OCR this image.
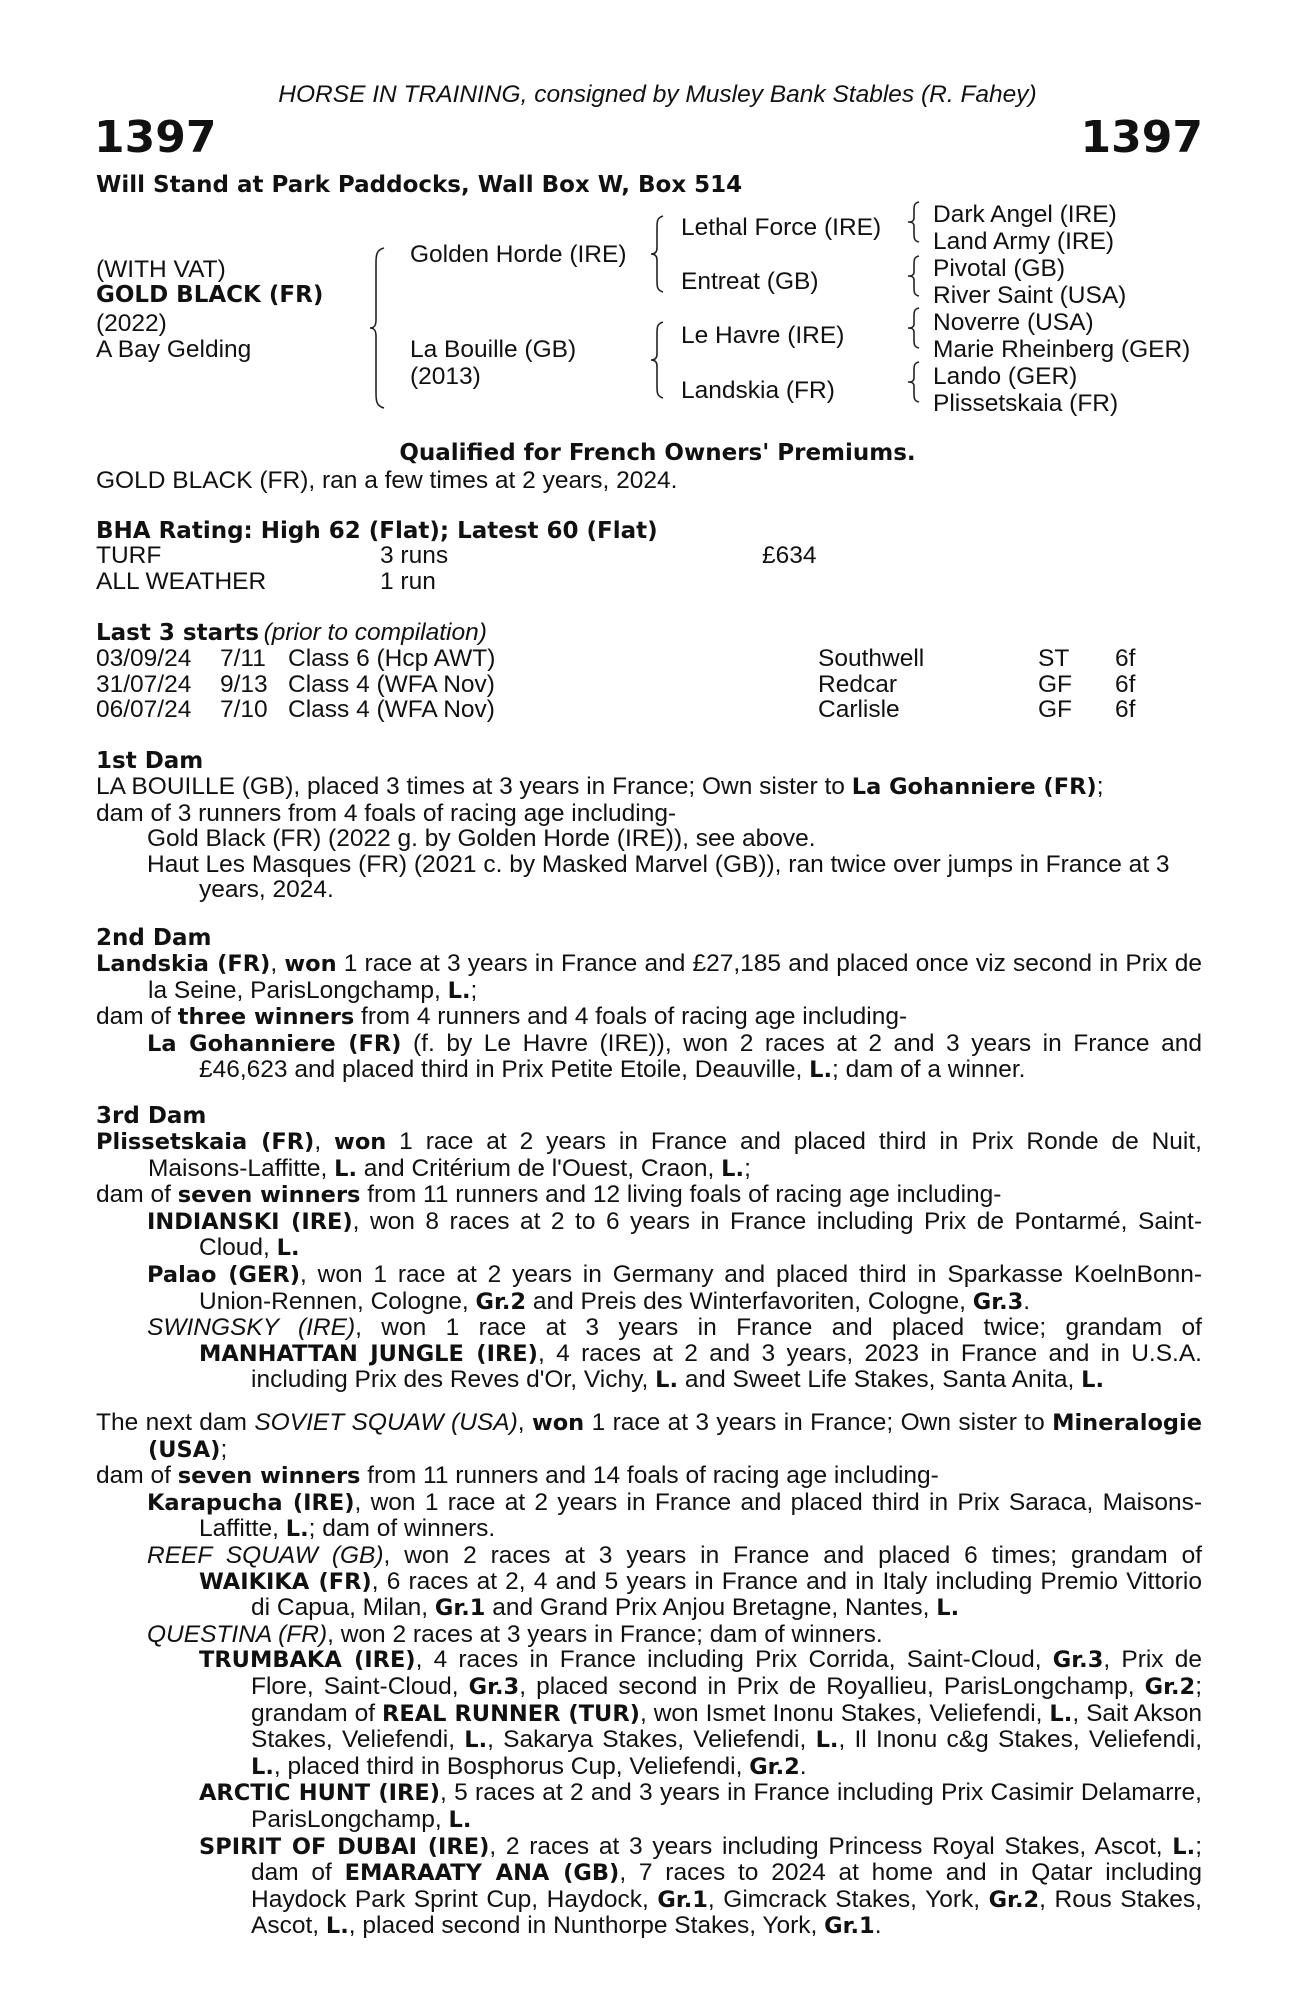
HORSE IN TRAINING, consigned by Musley Bank Stables (R. Fahey)
1397	1397
Will Stand at Park Paddocks, Wall Box W, Box 514
(WITH VAT)
GOLD BLACK (FR)
(2022)
A Bay Gelding
Golden Horde (IRE)
La Bouille (GB)
(2013)
Lethal Force (IRE)
Entreat (GB)
Le Havre (IRE)
Landskia (FR)
Dark Angel (IRE)
Land Army (IRE)
Pivotal (GB)
River Saint (USA)
Noverre (USA)
Marie Rheinberg (GER)
Lando (GER)
Plissetskaia (FR)
Qualified for French Owners' Premiums.
GOLD BLACK (FR), ran a few times at 2 years, 2024.
BHA Rating: High 62 (Flat); Latest 60 (Flat)
TURF	3 runs	£634
ALL WEATHER	1 run
Last 3 starts (prior to compilation)
03/09/24 7/11 Class 6 (Hcp AWT)	Southwell	ST 6f
31/07/24 9/13 Class 4 (WFA Nov)	Redcar	GF 6f
06/07/24 7/10 Class 4 (WFA Nov)	Carlisle	GF 6f

1st Dam

LA BOUILLE (GB), placed 3 times at 3 years in France; Own sister to La Gohanniere (FR);

dam of 3 runners from 4 foals of racing age including-

Gold Black (FR) (2022 g. by Golden Horde (IRE)), see above.

Haut Les Masques (FR) (2021 c. by Masked Marvel (GB)), ran twice over jumps in France at 3 years, 2024.

2nd Dam

Landskia (FR), won 1 race at 3 years in France and £27,185 and placed once viz second in Prix de la Seine, ParisLongchamp, L.;

dam of three winners from 4 runners and 4 foals of racing age including-

La Gohanniere (FR) (f. by Le Havre (IRE)), won 2 races at 2 and 3 years in France and £46,623 and placed third in Prix Petite Etoile, Deauville, L.; dam of a winner.

3rd Dam

Plissetskaia (FR), won 1 race at 2 years in France and placed third in Prix Ronde de Nuit, Maisons-Laffitte, L. and Critérium de l'Ouest, Craon, L.;

dam of seven winners from 11 runners and 12 living foals of racing age including-

INDIANSKI (IRE), won 8 races at 2 to 6 years in France including Prix de Pontarmé, Saint-Cloud, L.

Palao (GER), won 1 race at 2 years in Germany and placed third in Sparkasse KoelnBonn-Union-Rennen, Cologne, Gr.2 and Preis des Winterfavoriten, Cologne, Gr.3.

SWINGSKY (IRE), won 1 race at 3 years in France and placed twice; grandam of

MANHATTAN JUNGLE (IRE), 4 races at 2 and 3 years, 2023 in France and in U.S.A. including Prix des Reves d'Or, Vichy, L. and Sweet Life Stakes, Santa Anita, L.

The next dam SOVIET SQUAW (USA), won 1 race at 3 years in France; Own sister to Mineralogie (USA);

dam of seven winners from 11 runners and 14 foals of racing age including-

Karapucha (IRE), won 1 race at 2 years in France and placed third in Prix Saraca, Maisons-Laffitte, L.; dam of winners.

REEF SQUAW (GB), won 2 races at 3 years in France and placed 6 times; grandam of

WAIKIKA (FR), 6 races at 2, 4 and 5 years in France and in Italy including Premio Vittorio di Capua, Milan, Gr.1 and Grand Prix Anjou Bretagne, Nantes, L.

QUESTINA (FR), won 2 races at 3 years in France; dam of winners.

TRUMBAKA (IRE), 4 races in France including Prix Corrida, Saint-Cloud, Gr.3, Prix de Flore, Saint-Cloud, Gr.3, placed second in Prix de Royallieu, ParisLongchamp, Gr.2; grandam of REAL RUNNER (TUR), won Ismet Inonu Stakes, Veliefendi, L., Sait Akson Stakes, Veliefendi, L., Sakarya Stakes, Veliefendi, L., Il Inonu c&g Stakes, Veliefendi, L., placed third in Bosphorus Cup, Veliefendi, Gr.2.

ARCTIC HUNT (IRE), 5 races at 2 and 3 years in France including Prix Casimir Delamarre, ParisLongchamp, L.

SPIRIT OF DUBAI (IRE), 2 races at 3 years including Princess Royal Stakes, Ascot, L.; dam of EMARAATY ANA (GB), 7 races to 2024 at home and in Qatar including Haydock Park Sprint Cup, Haydock, Gr.1, Gimcrack Stakes, York, Gr.2, Rous Stakes, Ascot, L., placed second in Nunthorpe Stakes, York, Gr.1.
